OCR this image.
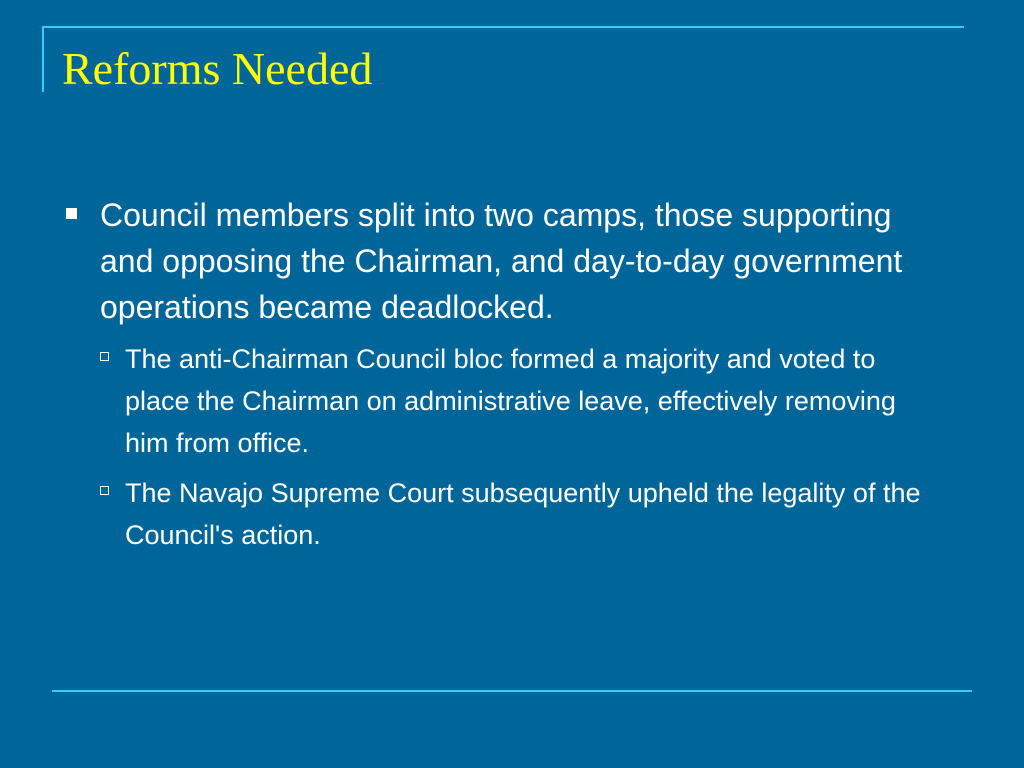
Reforms Needed
Council members split into two camps, those supporting and opposing the Chairman, and day-to-day government operations became deadlocked.
The anti-Chairman Council bloc formed a majority and voted to place the Chairman on administrative leave, effectively removing him from office.
The Navajo Supreme Court subsequently upheld the legality of the Council's action.
